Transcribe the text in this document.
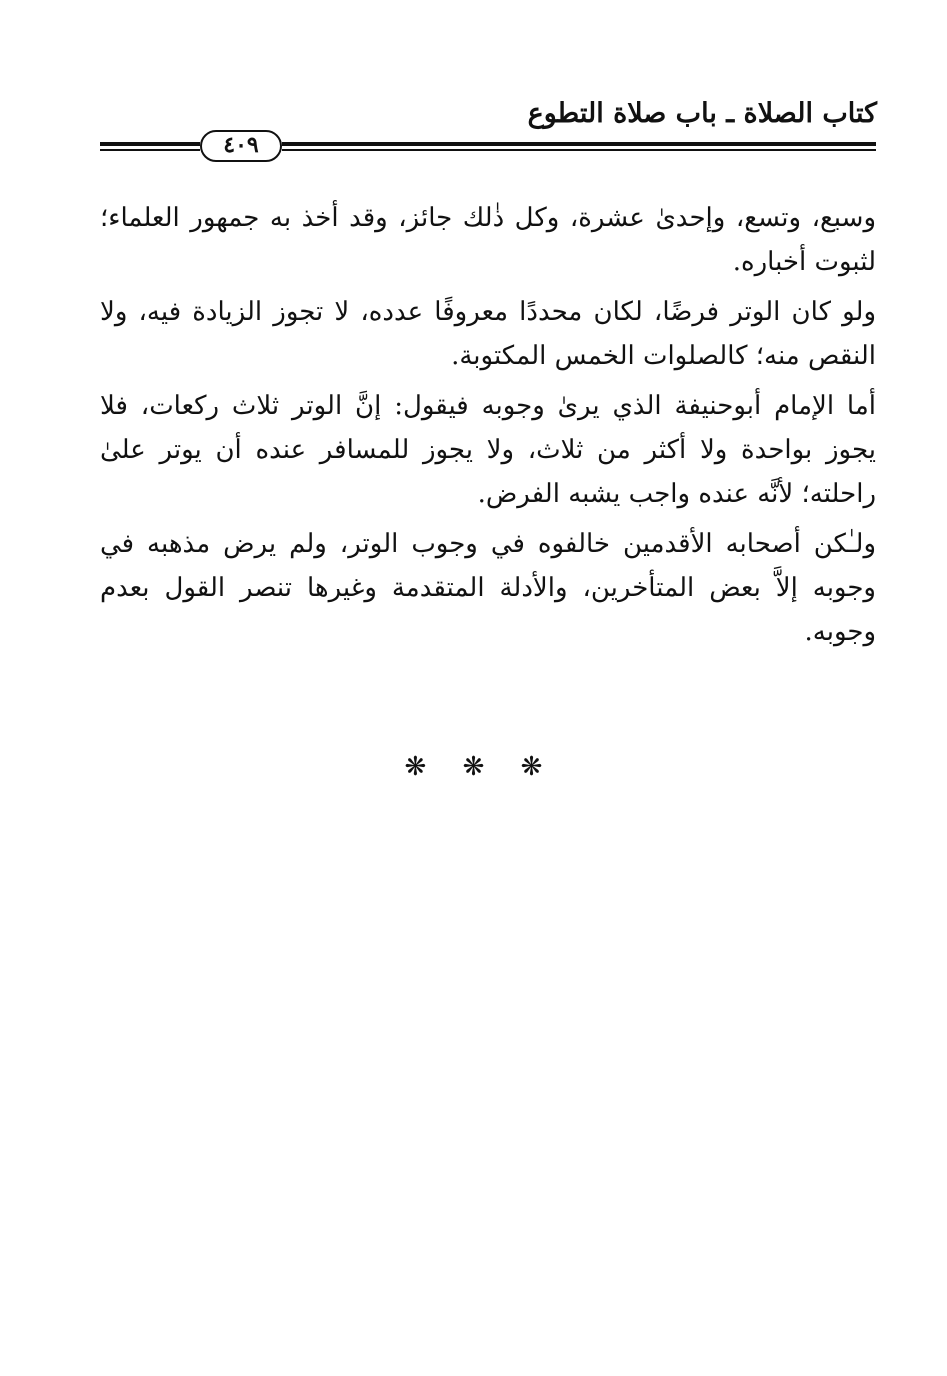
كتاب الصلاة ـ باب صلاة التطوع
٤٠٩

وسبع، وتسع، وإحدىٰ عشرة، وكل ذٰلك جائز، وقد أخذ به جمهور العلماء؛ لثبوت أخباره.

ولو كان الوتر فرضًا، لكان محددًا معروفًا عدده، لا تجوز الزيادة فيه، ولا النقص منه؛ كالصلوات الخمس المكتوبة.

أما الإمام أبوحنيفة الذي يرىٰ وجوبه فيقول: إنَّ الوتر ثلاث ركعات، فلا يجوز بواحدة ولا أكثر من ثلاث، ولا يجوز للمسافر عنده أن يوتر علىٰ راحلته؛ لأنَّه عنده واجب يشبه الفرض.

ولـٰكن أصحابه الأقدمين خالفوه في وجوب الوتر، ولم يرض مذهبه في وجوبه إلاَّ بعض المتأخرين، والأدلة المتقدمة وغيرها تنصر القول بعدم وجوبه.

❋ ❋ ❋
